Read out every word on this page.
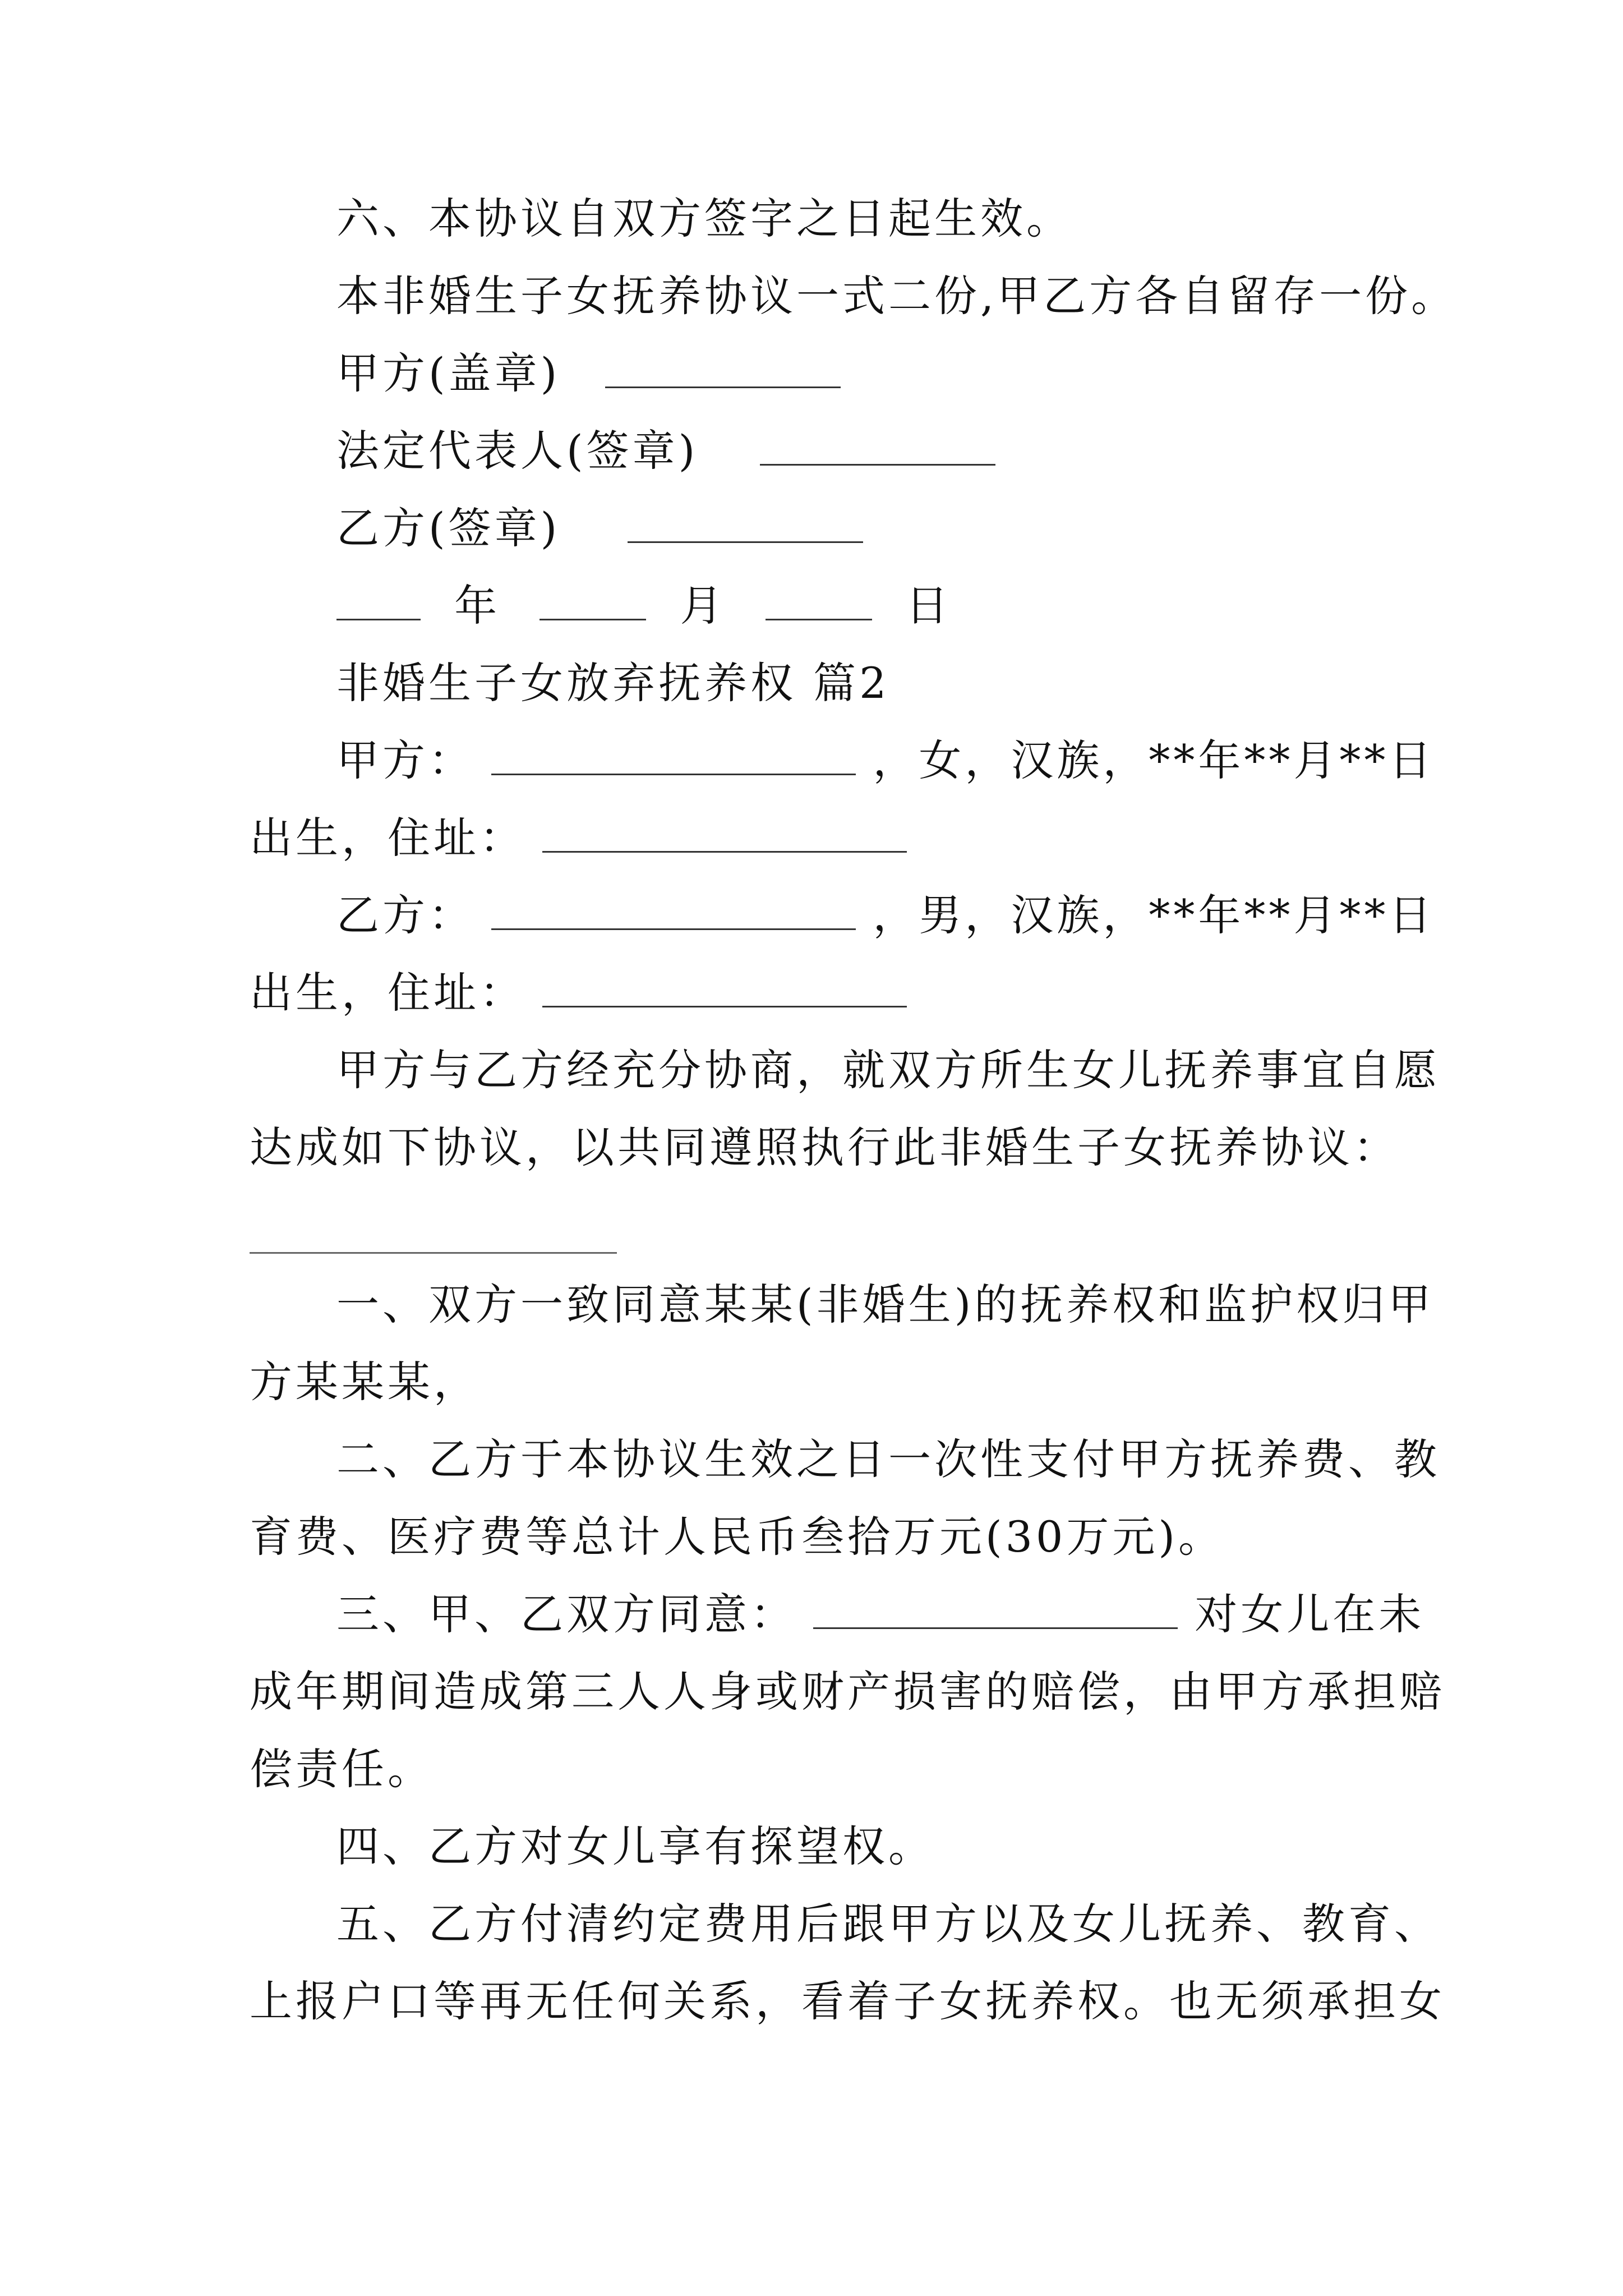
六、本协议自双方签字之日起生效。
本非婚生子女抚养协议一式二份,甲乙方各自留存一份。
甲方(盖章)
法定代表人(签章)
乙方(签章)
年	月	日
非婚生子女放弃抚养权 篇2
甲方：	，女，汉族，**年**月**日
出生，住址：
乙方：	，男，汉族，**年**月**日
出生，住址：
甲方与乙方经充分协商，就双方所生女儿抚养事宜自愿
达成如下协议，以共同遵照执行此非婚生子女抚养协议：
一、双方一致同意某某(非婚生)的抚养权和监护权归甲
方某某某，
二、乙方于本协议生效之日一次性支付甲方抚养费、教
育费、医疗费等总计人民币叁拾万元(30万元)。
三、甲、乙双方同意：	对女儿在未
成年期间造成第三人人身或财产损害的赔偿，由甲方承担赔
偿责任。
四、乙方对女儿享有探望权。
五、乙方付清约定费用后跟甲方以及女儿抚养、教育、
上报户口等再无任何关系，看着子女抚养权。也无须承担女
